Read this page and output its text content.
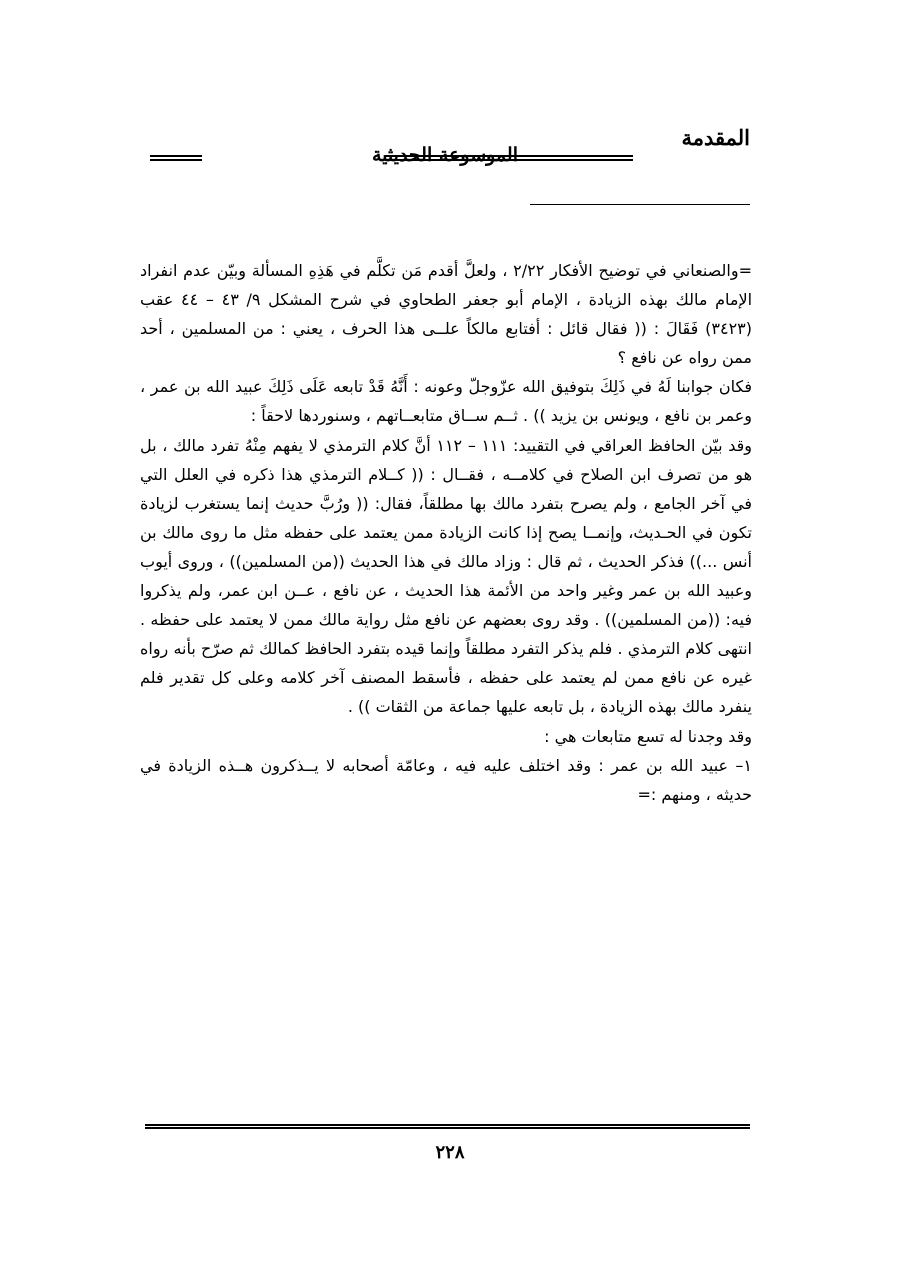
المقدمة
الموسوعة الحديثية

=والصنعاني في توضيح الأفكار ٢/٢٢ ، ولعلَّ أقدم مَن تكلَّم في هَذِهِ المسألة وبيّن عدم انفراد الإمام مالك بهذه الزيادة ، الإمام أبو جعفر الطحاوي في شرح المشكل ٩/ ٤٣ – ٤٤ عقب (٣٤٢٣) فَقَالَ : (( فقال قائل : أفتابع مالكاً علــى هذا الحرف ، يعني : من المسلمين ، أحد ممن رواه عن نافع ؟

فكان جوابنا لَهُ في ذَلِكَ بتوفيق الله عزّوجلّ وعونه : أَنَّهُ قَدْ تابعه عَلَى ذَلِكَ عبيد الله بن عمر ، وعمر بن نافع ، ويونس بن يزيد )) . ثــم ســاق متابعــاتهم ، وسنوردها لاحقاً :

وقد بيّن الحافظ العراقي في التقييد: ١١١ – ١١٢ أنَّ كلام الترمذي لا يفهم مِنْهُ تفرد مالك ، بل هو من تصرف ابن الصلاح في كلامــه ، فقــال : (( كــلام الترمذي هذا ذكره في العلل التي في آخر الجامع ، ولم يصرح بتفرد مالك بها مطلقاً، فقال: (( ورُبَّ حديث إنما يستغرب لزيادة تكون في الحـديث، وإنمــا يصح إذا كانت الزيادة ممن يعتمد على حفظه مثل ما روى مالك بن أنس ...)) فذكر الحديث ، ثم قال : وزاد مالك في هذا الحديث ((من المسلمين)) ، وروى أيوب وعبيد الله بن عمر وغير واحد من الأئمة هذا الحديث ، عن نافع ، عــن ابن عمر، ولم يذكروا فيه: ((من المسلمين)) . وقد روى بعضهم عن نافع مثل رواية مالك ممن لا يعتمد على حفظه . انتهى كلام الترمذي . فلم يذكر التفرد مطلقاً وإنما قيده بتفرد الحافظ كمالك ثم صرّح بأنه رواه غيره عن نافع ممن لم يعتمد على حفظه ، فأسقط المصنف آخر كلامه وعلى كل تقدير فلم ينفرد مالك بهذه الزيادة ، بل تابعه عليها جماعة من الثقات )) .

وقد وجدنا له تسع متابعات هي :

١– عبيد الله بن عمر : وقد اختلف عليه فيه ، وعامّة أصحابه لا يــذكرون هــذه الزيادة في حديثه ، ومنهم :=

٢٢٨
